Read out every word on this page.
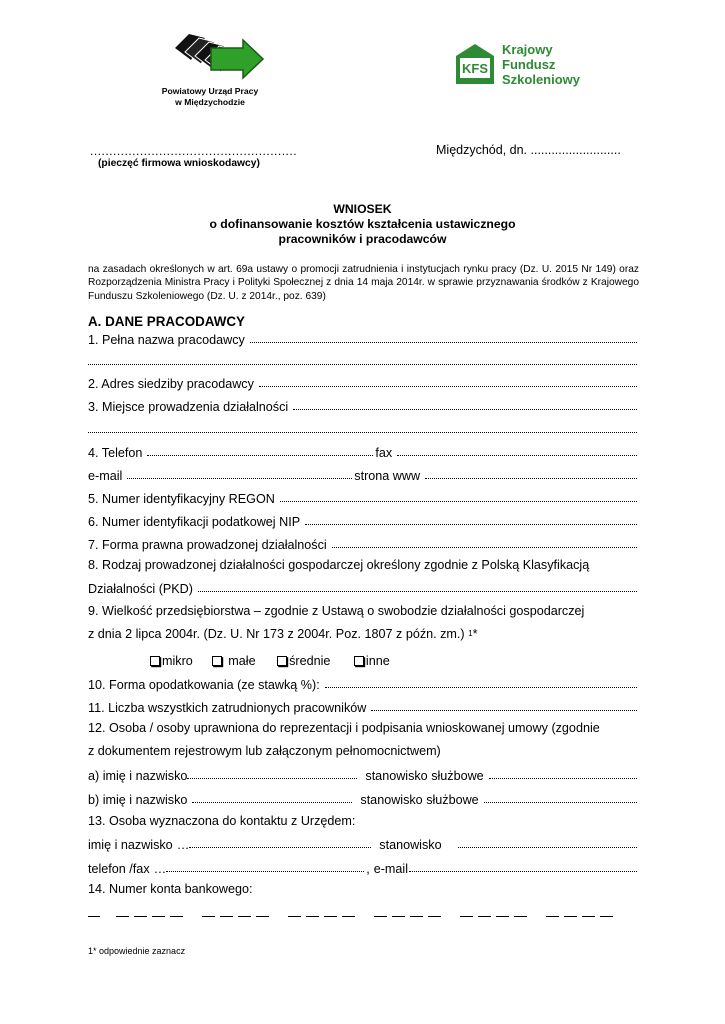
Powiatowy Urząd Pracy
w Międzychodzie
KFS
Krajowy
Fundusz
Szkoleniowy
......................................................
(pieczęć firmowa wnioskodawcy)
Międzychód, dn. ..........................
WNIOSEK
o dofinansowanie kosztów kształcenia ustawicznego
pracowników i pracodawców
na zasadach określonych w art. 69a ustawy o promocji zatrudnienia i instytucjach rynku pracy (Dz. U. 2015 Nr 149) oraz Rozporządzenia Ministra Pracy i Polityki Społecznej z dnia 14 maja 2014r. w sprawie przyznawania środków z Krajowego Funduszu Szkoleniowego (Dz. U. z 2014r., poz. 639)
A. DANE PRACODAWCY
1. Pełna nazwa pracodawcy
2. Adres siedziby pracodawcy
3. Miejsce prowadzenia działalności
4. Telefon	fax
e-mail	strona www
5. Numer identyfikacyjny REGON
6. Numer identyfikacji podatkowej NIP
7. Forma prawna prowadzonej działalności
8. Rodzaj prowadzonej działalności gospodarczej określony zgodnie z Polską Klasyfikacją
Działalności (PKD)
9. Wielkość przedsiębiorstwa – zgodnie z Ustawą o swobodzie działalności gospodarczej
z dnia 2 lipca 2004r. (Dz. U. Nr 173 z 2004r. Poz. 1807 z późn. zm.) $^1$*
mikro	małe	średnie	inne
10. Forma opodatkowania (ze stawką %):
11. Liczba wszystkich zatrudnionych pracowników
12. Osoba / osoby uprawniona do reprezentacji i podpisania wnioskowanej umowy (zgodnie
z dokumentem rejestrowym lub załączonym pełnomocnictwem)
a) imię i nazwisko	stanowisko służbowe
b) imię i nazwisko	stanowisko służbowe
13. Osoba wyznaczona do kontaktu z Urzędem:
imię i nazwisko …	stanowisko
telefon /fax …	, e-mail
14. Numer konta bankowego:
1* odpowiednie zaznacz
